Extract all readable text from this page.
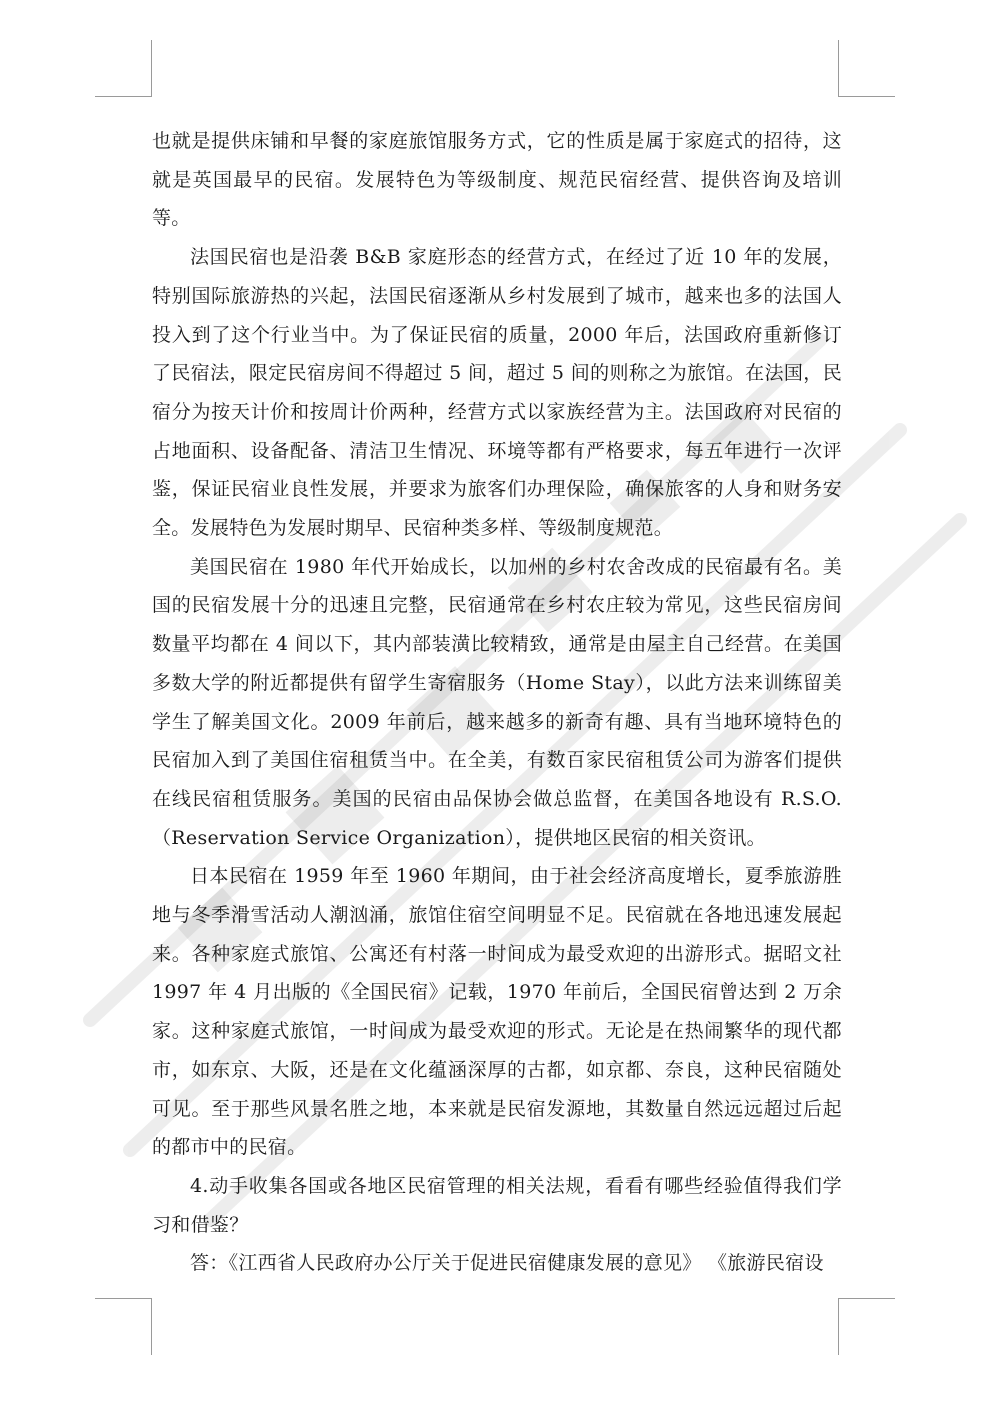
也就是提供床铺和早餐的家庭旅馆服务方式，它的性质是属于家庭式的招待，这就是英国最早的民宿。发展特色为等级制度、规范民宿经营、提供咨询及培训等。

法国民宿也是沿袭 B&B 家庭形态的经营方式，在经过了近 10 年的发展，特别国际旅游热的兴起，法国民宿逐渐从乡村发展到了城市，越来也多的法国人投入到了这个行业当中。为了保证民宿的质量，2000 年后，法国政府重新修订了民宿法，限定民宿房间不得超过 5 间，超过 5 间的则称之为旅馆。在法国，民宿分为按天计价和按周计价两种，经营方式以家族经营为主。法国政府对民宿的占地面积、设备配备、清洁卫生情况、环境等都有严格要求，每五年进行一次评鉴，保证民宿业良性发展，并要求为旅客们办理保险，确保旅客的人身和财务安全。发展特色为发展时期早、民宿种类多样、等级制度规范。

美国民宿在 1980 年代开始成长，以加州的乡村农舍改成的民宿最有名。美国的民宿发展十分的迅速且完整，民宿通常在乡村农庄较为常见，这些民宿房间数量平均都在 4 间以下，其内部装潢比较精致，通常是由屋主自己经营。在美国多数大学的附近都提供有留学生寄宿服务（Home Stay），以此方法来训练留美学生了解美国文化。2009 年前后，越来越多的新奇有趣、具有当地环境特色的民宿加入到了美国住宿租赁当中。在全美，有数百家民宿租赁公司为游客们提供在线民宿租赁服务。美国的民宿由品保协会做总监督，在美国各地设有 R.S.O.（Reservation Service Organization），提供地区民宿的相关资讯。

日本民宿在 1959 年至 1960 年期间，由于社会经济高度增长，夏季旅游胜地与冬季滑雪活动人潮汹涌，旅馆住宿空间明显不足。民宿就在各地迅速发展起来。各种家庭式旅馆、公寓还有村落一时间成为最受欢迎的出游形式。据昭文社 1997 年 4 月出版的《全国民宿》记载，1970 年前后，全国民宿曾达到 2 万余家。这种家庭式旅馆，一时间成为最受欢迎的形式。无论是在热闹繁华的现代都市，如东京、大阪，还是在文化蕴涵深厚的古都，如京都、奈良，这种民宿随处可见。至于那些风景名胜之地，本来就是民宿发源地，其数量自然远远超过后起的都市中的民宿。

4.动手收集各国或各地区民宿管理的相关法规，看看有哪些经验值得我们学习和借鉴？

答：《江西省人民政府办公厅关于促进民宿健康发展的意见》 《旅游民宿设
